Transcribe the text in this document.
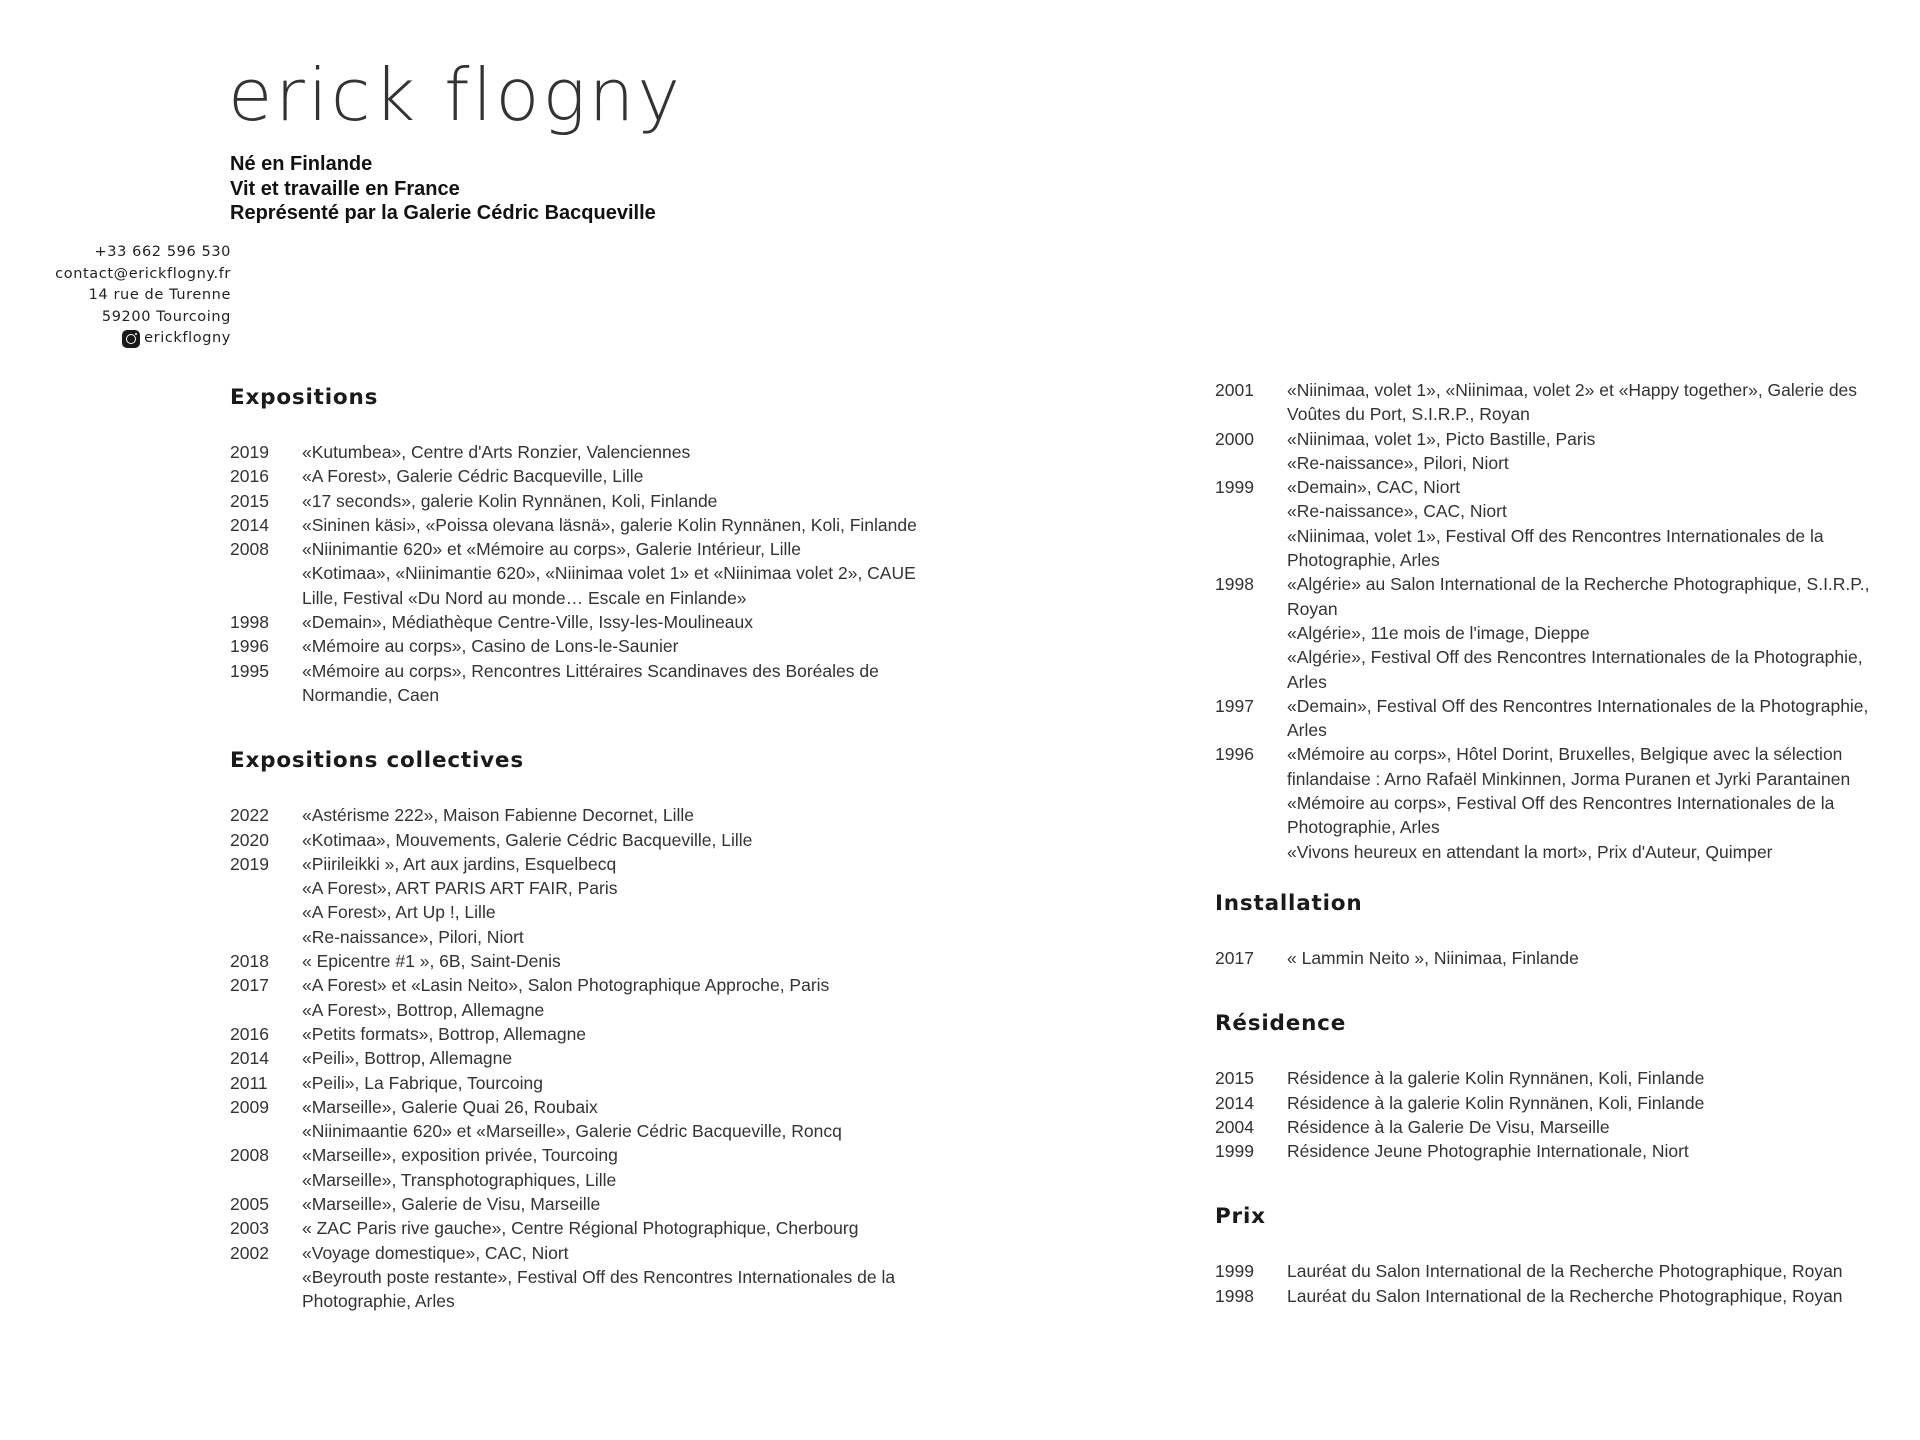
erick flogny
Né en Finlande
Vit et travaille en France
Représenté par la Galerie Cédric Bacqueville
+33 662 596 530
contact@erickflogny.fr
14 rue de Turenne
59200 Tourcoing
erickflogny
Expositions
2019	«Kutumbea», Centre d'Arts Ronzier, Valenciennes
2016	«A Forest», Galerie Cédric Bacqueville, Lille
2015	«17 seconds», galerie Kolin Rynnänen, Koli, Finlande
2014	«Sininen käsi», «Poissa olevana läsnä», galerie Kolin Rynnänen, Koli, Finlande
2008	«Niinimantie 620» et «Mémoire au corps», Galerie Intérieur, Lille
«Kotimaa», «Niinimantie 620», «Niinimaa volet 1» et «Niinimaa volet 2», CAUE Lille, Festival «Du Nord au monde… Escale en Finlande»
1998	«Demain», Médiathèque Centre-Ville, Issy-les-Moulineaux
1996	«Mémoire au corps», Casino de Lons-le-Saunier
1995	«Mémoire au corps», Rencontres Littéraires Scandinaves des Boréales de Normandie, Caen
Expositions collectives
2022	«Astérisme 222», Maison Fabienne Decornet, Lille
2020	«Kotimaa», Mouvements, Galerie Cédric Bacqueville, Lille
2019	«Piirileikki », Art aux jardins, Esquelbecq
«A Forest», ART PARIS ART FAIR, Paris
«A Forest», Art Up !, Lille
«Re-naissance», Pilori, Niort
2018	« Epicentre #1 », 6B, Saint-Denis
2017	«A Forest» et «Lasin Neito», Salon Photographique Approche, Paris
«A Forest», Bottrop, Allemagne
2016	«Petits formats», Bottrop, Allemagne
2014	«Peili», Bottrop, Allemagne
2011	«Peili», La Fabrique, Tourcoing
2009	«Marseille», Galerie Quai 26, Roubaix
«Niinimaantie 620» et «Marseille», Galerie Cédric Bacqueville, Roncq
2008	«Marseille», exposition privée, Tourcoing
«Marseille», Transphotographiques, Lille
2005	«Marseille», Galerie de Visu, Marseille
2003	« ZAC Paris rive gauche», Centre Régional Photographique, Cherbourg
2002	«Voyage domestique», CAC, Niort
«Beyrouth poste restante», Festival Off des Rencontres Internationales de la Photographie, Arles
2001	«Niinimaa, volet 1», «Niinimaa, volet 2» et «Happy together», Galerie des Voûtes du Port, S.I.R.P., Royan
2000	«Niinimaa, volet 1», Picto Bastille, Paris
«Re-naissance», Pilori, Niort
1999	«Demain», CAC, Niort
«Re-naissance», CAC, Niort
«Niinimaa, volet 1», Festival Off des Rencontres Internationales de la Photographie, Arles
1998	«Algérie» au Salon International de la Recherche Photographique, S.I.R.P., Royan
«Algérie», 11e mois de l'image, Dieppe
«Algérie», Festival Off des Rencontres Internationales de la Photographie, Arles
1997	«Demain», Festival Off des Rencontres Internationales de la Photographie, Arles
1996	«Mémoire au corps», Hôtel Dorint, Bruxelles, Belgique avec la sélection finlandaise : Arno Rafaël Minkinnen, Jorma Puranen et Jyrki Parantainen
«Mémoire au corps», Festival Off des Rencontres Internationales de la Photographie, Arles
«Vivons heureux en attendant la mort», Prix d'Auteur, Quimper
Installation
2017	« Lammin Neito », Niinimaa, Finlande
Résidence
2015	Résidence à la galerie Kolin Rynnänen, Koli, Finlande
2014	Résidence à la galerie Kolin Rynnänen, Koli, Finlande
2004	Résidence à la Galerie De Visu, Marseille
1999	Résidence Jeune Photographie Internationale, Niort
Prix
1999	Lauréat du Salon International de la Recherche Photographique, Royan
1998	Lauréat du Salon International de la Recherche Photographique, Royan
